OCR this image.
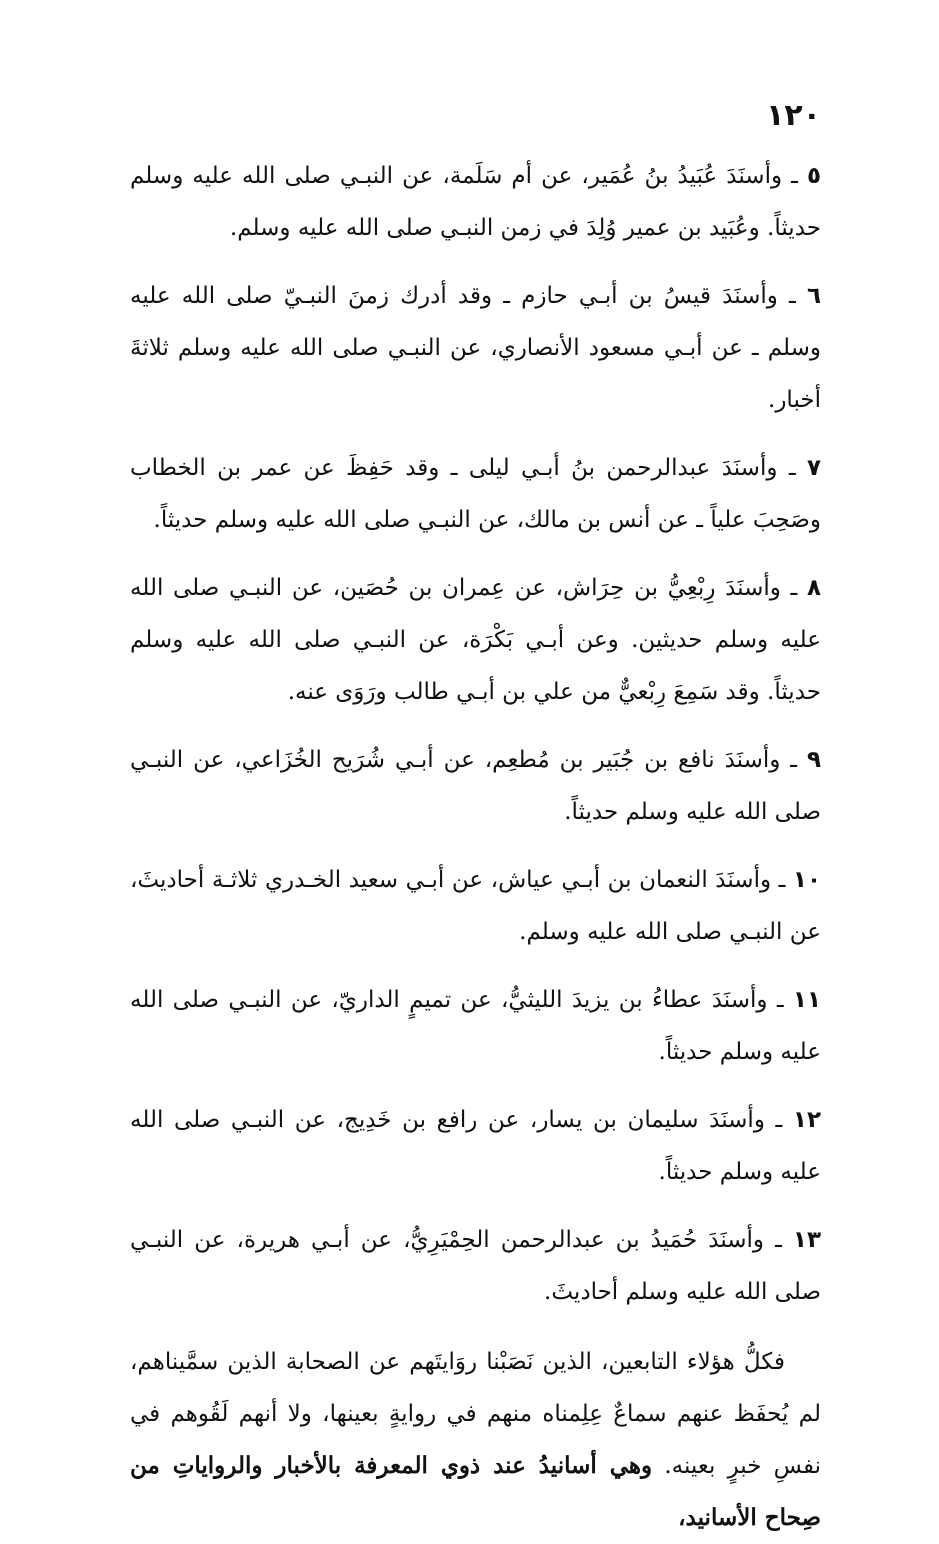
١٢٠

٥ ـ وأسنَدَ عُبَيدُ بنُ عُمَير، عن أم سَلَمة، عن النبـي صلى الله عليه وسلم حديثاً. وعُبَيد بن عمير وُلِدَ في زمن النبـي صلى الله عليه وسلم.

٦ ـ وأسنَدَ قيسُ بن أبـي حازم ـ وقد أدرك زمنَ النبـيّ صلى الله عليه وسلم ـ عن أبـي مسعود الأنصاري، عن النبـي صلى الله عليه وسلم ثلاثةَ أخبار.

٧ ـ وأسنَدَ عبدالرحمن بنُ أبـي ليلى ـ وقد حَفِظَ عن عمر بن الخطاب وصَحِبَ علياً ـ عن أنس بن مالك، عن النبـي صلى الله عليه وسلم حديثاً.

٨ ـ وأسنَدَ رِبْعِيُّ بن حِرَاش، عن عِمران بن حُصَين، عن النبـي صلى الله عليه وسلم حديثين. وعن أبـي بَكْرَة، عن النبـي صلى الله عليه وسلم حديثاً. وقد سَمِعَ رِبْعيٌّ من علي بن أبـي طالب ورَوَى عنه.

٩ ـ وأسنَدَ نافع بن جُبَير بن مُطعِم، عن أبـي شُرَيح الخُزَاعي، عن النبـي صلى الله عليه وسلم حديثاً.

١٠ ـ وأسنَدَ النعمان بن أبـي عياش، عن أبـي سعيد الخـدري ثلاثـة أحاديثَ، عن النبـي صلى الله عليه وسلم.

١١ ـ وأسنَدَ عطاءُ بن يزيدَ الليثيُّ، عن تميمٍ الداريّ، عن النبـي صلى الله عليه وسلم حديثاً.

١٢ ـ وأسنَدَ سليمان بن يسار، عن رافع بن خَدِيج، عن النبـي صلى الله عليه وسلم حديثاً.

١٣ ـ وأسنَدَ حُمَيدُ بن عبدالرحمن الحِمْيَرِيُّ، عن أبـي هريرة، عن النبـي صلى الله عليه وسلم أحاديثَ.

فكلُّ هؤلاء التابعين، الذين نَصَبْنا روَايتَهم عن الصحابة الذين سمَّيناهم، لم يُحفَظ عنهم سماعٌ عِلِمناه منهم في روايةٍ بعينها، ولا أنهم لَقُوهم في نفسِ خبرٍ بعينه. وهي أسانيدُ عند ذوي المعرفة بالأخبار والرواياتِ من صِحاح الأسانيد،
